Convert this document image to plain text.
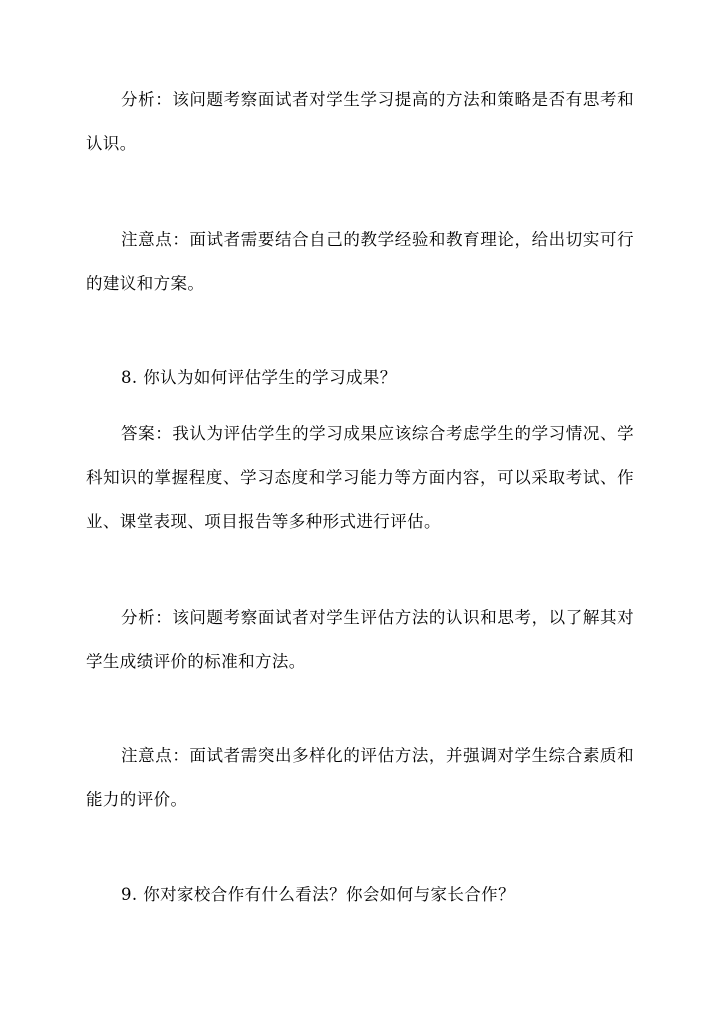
分析：该问题考察面试者对学生学习提高的方法和策略是否有思考和认识。

注意点：面试者需要结合自己的教学经验和教育理论，给出切实可行的建议和方案。

8. 你认为如何评估学生的学习成果？

答案：我认为评估学生的学习成果应该综合考虑学生的学习情况、学科知识的掌握程度、学习态度和学习能力等方面内容，可以采取考试、作业、课堂表现、项目报告等多种形式进行评估。

分析：该问题考察面试者对学生评估方法的认识和思考，以了解其对学生成绩评价的标准和方法。

注意点：面试者需突出多样化的评估方法，并强调对学生综合素质和能力的评价。

9. 你对家校合作有什么看法？你会如何与家长合作？
